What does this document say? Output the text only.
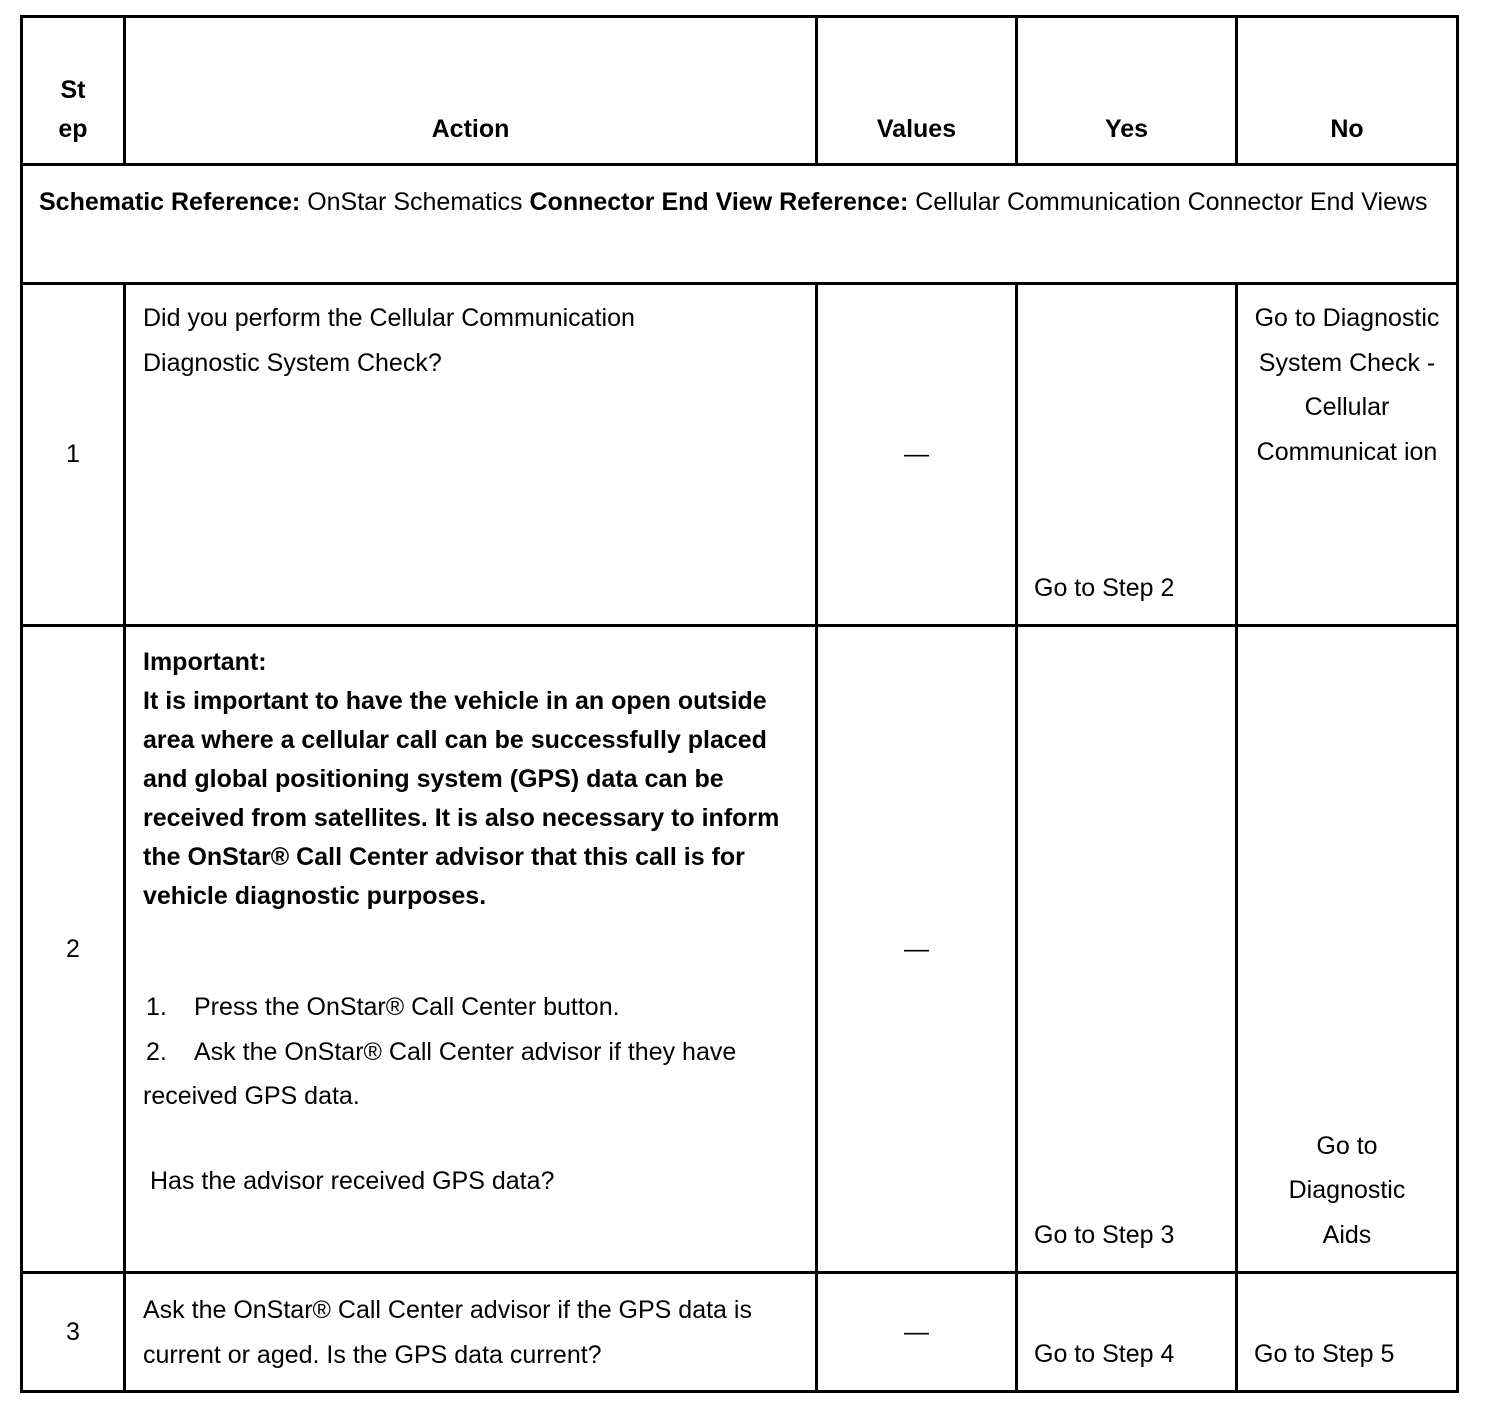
St ep	Action	Values	Yes	No
Schematic Reference: OnStar Schematics Connector End View Reference: Cellular Communication Connector End Views				
1	Did you perform the Cellular Communication Diagnostic System Check?	—	Go to Step 2	Go to Diagnostic System Check - Cellular Communicat ion
2	Important:
It is important to have the vehicle in an open outside area where a cellular call can be successfully placed and global positioning system (GPS) data can be received from satellites. It is also necessary to inform the OnStar® Call Center advisor that this call is for vehicle diagnostic purposes.
1. Press the OnStar® Call Center button.
2. Ask the OnStar® Call Center advisor if they have received GPS data.
Has the advisor received GPS data?	—	Go to Step 3	Go to Diagnostic Aids

3	Ask the OnStar® Call Center advisor if the GPS data is current or aged. Is the GPS data current?	—	Go to Step 4	Go to Step 5
